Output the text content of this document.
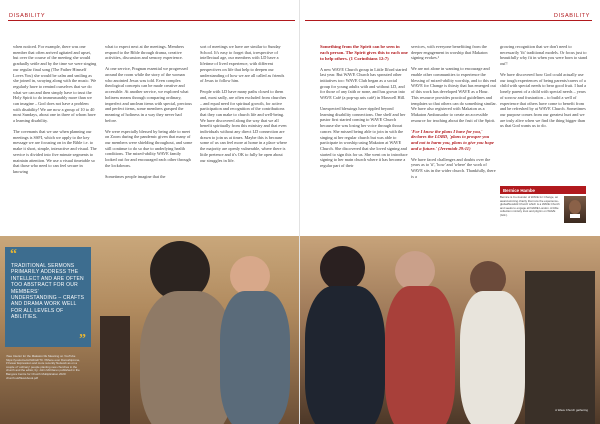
DISABILITY

when noticed. For example, there was one member that often arrived agitated and upset, but over the course of the meeting she would gradually settle and by the time we were singing our regular final song (The Father Himself Loves You) she would be calm and smiling as she joined in, swaying along with the music. We regularly have to remind ourselves that we do what we can and then simply have to trust the Holy Spirit to do immeasurably more than we can imagine – God does not have a problem with disability! We are now a group of 10 to 40 most Sundays, about one in three of whom have a learning disability.

The covenants that we use when planning our meetings is SSFI, which we apply to the key message we are focusing on in the Bible i.e. to make it short, simple, interactive and visual. The service is divided into five minute segments to maintain attention. We use a visual timetable so that those who need to can feel secure in knowing

what to expect next at the meetings. Members respond to the Bible through drama, creative activities, discussion and sensory experience.

At one service, Pragnan essential we progressed around the room while the story of the woman who anointed Jesus was told. Even complex theological concepts can be made creative and accessible. At another service, we explored what holiness means through comparing ordinary, imperfect and unclean items with special, precious and perfect items, some members grasped the meaning of holiness in a way they never had before.

We were especially blessed by being able to meet on Zoom during the pandemic given that many of our members were shielding throughout, and some still continue to do so due to underlying health conditions. The mixed-ability WAVE family looked out for and encouraged each other through the lockdowns.

Sometimes people imagine that the

sort of meetings we have are similar to Sunday School. It's easy to forget that, irrespective of intellectual age, our members with LD have a lifetime of lived experience, with different perspectives on life that help to deepen our understanding of how we are all called as friends of Jesus to follow him.

People with LD have many paths closed to them and, most sadly, are often excluded from churches – and equal need for spiritual growth, for active participation and recognition of the contributions that they can make to church life and well-being. We have discovered along the way that we all benefit spiritually from this ministry and that even individuals without any direct LD connection are drawn to join us at times. Maybe this is because some of us can feel more at home in a place where the majority are openly vulnerable, where there is little pretence and it's OK to fully be open about our struggles in life.

“
TRADITIONAL SERMONS PRIMARILY ADDRESS THE INTELLECT AND ARE OFTEN TOO ABSTRACT FOR OUR MEMBERS' UNDERSTANDING – CRAFTS AND DRAMA WORK WELL FOR ALL LEVELS OF ABILITIES.
”
¹See Interior for the Makaton life Meaning on YouTube https://youtu.be/ocNdCwFT0. ²Where ever Donsshipzone, if Fewer Expression and more recently Network as on a couple of 'ordinary' people planting new churches in the church and the editor, by: John McClaren published in the Bangora Centre for Church Multiplication 2020: church.uk/files/ebook.pdf
DISABILITY

Something from the Spirit can be seen in each person. The Spirit gives this to each one to help others. (1 Corinthians 12:7)

A new WAVE Church group in Little Ilford started last year. But WAVE Church has sprouted other initiatives too: WAVE Club began as a social group for young adults with and without LD, and for those of any faith or none, and has grown into WAVE Café (a pop-up arts café) in Maxwell Hill.

Unexpected blessings have rippled beyond learning disability connections. One shelf and her pastor first started coming to WAVE Church because she was losing her voice through throat cancer. She missed being able to join in with the singing at her regular church but was able to participate in worship using Makaton at WAVE Church. She discovered that she loved signing and started to sign this for us. She went on to introduce signing to her main church where it has become a regular part of their

services, with everyone benefitting from the deeper engagement in worship that Makaton signing evokes.¹

We are not alone in wanting to encourage and enable other communities to experience the blessing of mixed-ability worship, and to this end WAVE for Change is thirsty that has emerged out of this work has developed WAVE as a Hour. This resource provides practical guidelines and templates so that others can do something similar. We have also registered with Makaton as a Makaton Ambassador to create an accessible resource for teaching about the fruit of the Spirit.

'For I know the plans I have for you,' declares the LORD, 'plans to prosper you and not to harm you, plans to give you hope and a future.' (Jeremiah 29:11)

We have faced challenges and doubts over the years as to 'if', 'how' and 'where' the work of WAVE sits in the wider church. Thankfully, there is a

growing recognition that we don't need to necessarily 'fit' traditional models. Or focus just to beautifully why fit in when you were born to stand out'!

We have discovered how God could actually use our tough experiences of being parents/carers of a child with special needs to bear good fruit. I had a lonely parent of a child with special needs – years of sorrow and frustration – to build a well of experience that others have come to benefit from and be refreshed by at WAVE Church. Sometimes our purpose comes from our greatest hurt and we are truly alive when we find the thing bigger than us that God wants us to do.

A Wave Church gathering
Bernice Hambe
Bernice is Co-founder of WAVE for Change, an award-winning charity that runs the experience-global/Newfold Church which is a WAVE Church and seeks to engage all NAWE London. A bible collection ministry trust and pilgrim on WAVE (Gld.).
